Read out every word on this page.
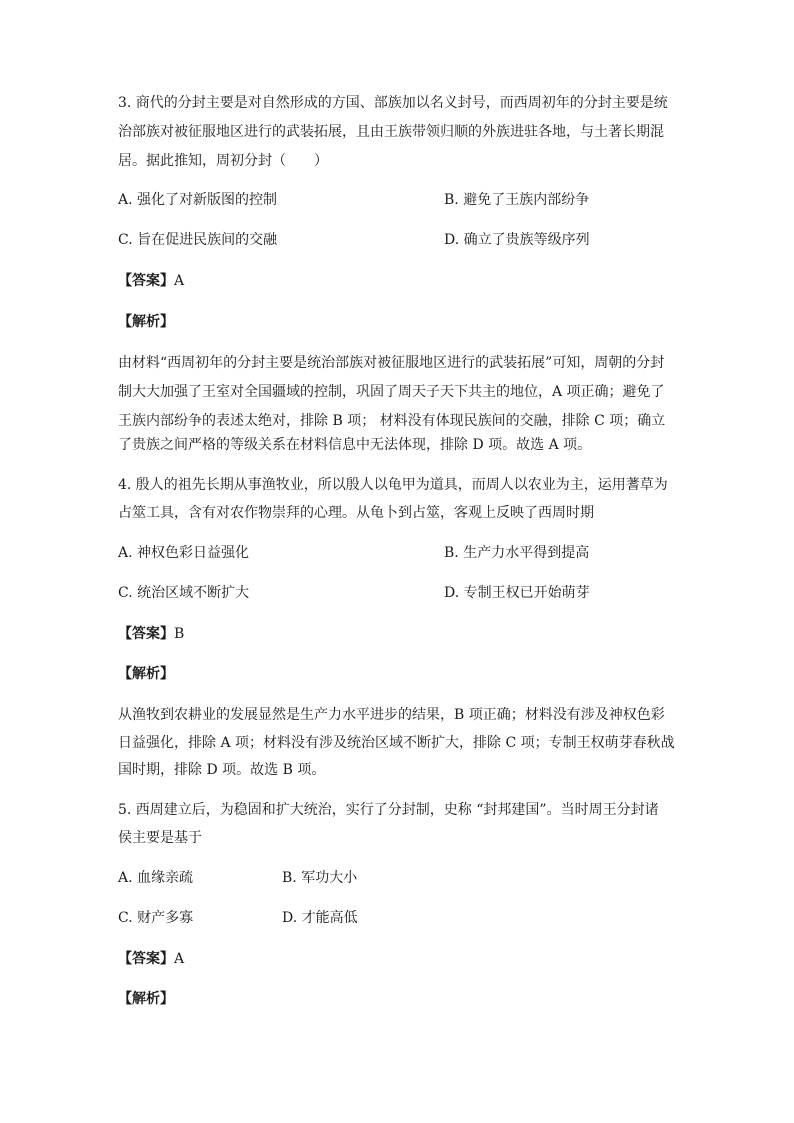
3. 商代的分封主要是对自然形成的方国、部族加以名义封号，而西周初年的分封主要是统
治部族对被征服地区进行的武装拓展，且由王族带领归顺的外族进驻各地，与土著长期混
居。据此推知，周初分封（　　）
A. 强化了对新版图的控制	B. 避免了王族内部纷争
C. 旨在促进民族间的交融	D. 确立了贵族等级序列
【答案】A
【解析】
由材料“西周初年的分封主要是统治部族对被征服地区进行的武装拓展”可知，周朝的分封
制大大加强了王室对全国疆域的控制，巩固了周天子天下共主的地位，A 项正确；避免了
王族内部纷争的表述太绝对，排除 B 项； 材料没有体现民族间的交融，排除 C 项；确立
了贵族之间严格的等级关系在材料信息中无法体现，排除 D 项。故选 A 项。
4. 殷人的祖先长期从事渔牧业，所以殷人以龟甲为道具，而周人以农业为主，运用蓍草为
占筮工具，含有对农作物崇拜的心理。从龟卜到占筮，客观上反映了西周时期
A. 神权色彩日益强化	B. 生产力水平得到提高
C. 统治区域不断扩大	D. 专制王权已开始萌芽
【答案】B
【解析】
从渔牧到农耕业的发展显然是生产力水平进步的结果，B 项正确；材料没有涉及神权色彩
日益强化，排除 A 项；材料没有涉及统治区域不断扩大，排除 C 项；专制王权萌芽春秋战
国时期，排除 D 项。故选 B 项。
5. 西周建立后，为稳固和扩大统治，实行了分封制，史称 “封邦建国”。当时周王分封诸
侯主要是基于
A. 血缘亲疏	B. 军功大小
C. 财产多寡	D. 才能高低
【答案】A
【解析】
